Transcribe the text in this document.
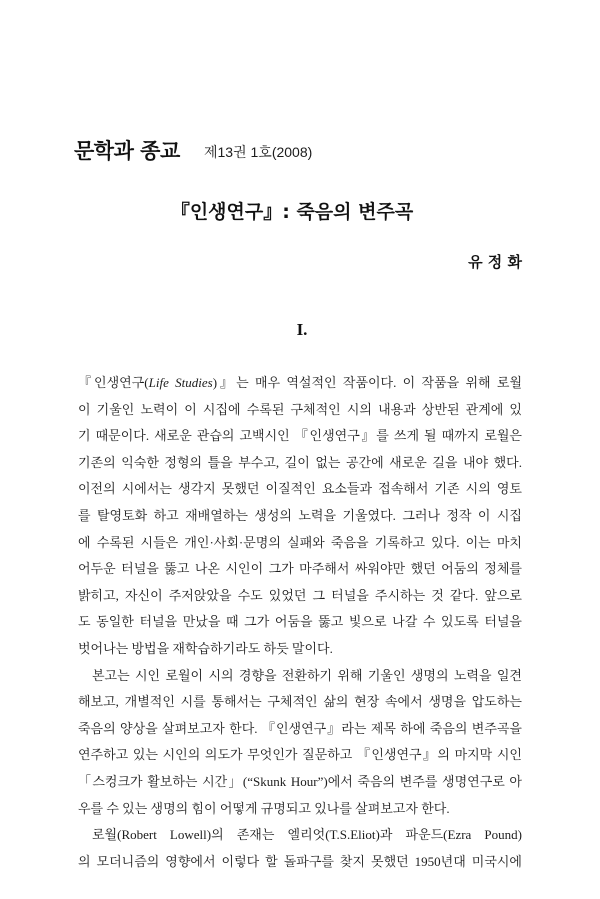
문학과 종교 제13권 1호(2008)
『인생연구』: 죽음의 변주곡
유 정 화
I.
『인생연구(Life Studies)』는 매우 역설적인 작품이다. 이 작품을 위해 로월
이 기울인 노력이 이 시집에 수록된 구체적인 시의 내용과 상반된 관계에 있
기 때문이다. 새로운 관습의 고백시인 『인생연구』를 쓰게 될 때까지 로월은
기존의 익숙한 정형의 틀을 부수고, 길이 없는 공간에 새로운 길을 내야 했다.
이전의 시에서는 생각지 못했던 이질적인 요소들과 접속해서 기존 시의 영토
를 탈영토화 하고 재배열하는 생성의 노력을 기울였다. 그러나 정작 이 시집
에 수록된 시들은 개인·사회·문명의 실패와 죽음을 기록하고 있다. 이는 마치
어두운 터널을 뚫고 나온 시인이 그가 마주해서 싸워야만 했던 어둠의 정체를
밝히고, 자신이 주저앉았을 수도 있었던 그 터널을 주시하는 것 같다. 앞으로
도 동일한 터널을 만났을 때 그가 어둠을 뚫고 빛으로 나갈 수 있도록 터널을
벗어나는 방법을 재학습하기라도 하듯 말이다.
본고는 시인 로월이 시의 경향을 전환하기 위해 기울인 생명의 노력을 일견
해보고, 개별적인 시를 통해서는 구체적인 삶의 현장 속에서 생명을 압도하는
죽음의 양상을 살펴보고자 한다. 『인생연구』라는 제목 하에 죽음의 변주곡을
연주하고 있는 시인의 의도가 무엇인가 질문하고 『인생연구』의 마지막 시인
「스컹크가 활보하는 시간」(“Skunk Hour”)에서 죽음의 변주를 생명연구로 아
우를 수 있는 생명의 힘이 어떻게 규명되고 있나를 살펴보고자 한다.
로월(Robert Lowell)의 존재는 엘리엇(T.S.Eliot)과 파운드(Ezra Pound)
의 모더니즘의 영향에서 이렇다 할 돌파구를 찾지 못했던 1950년대 미국시에
